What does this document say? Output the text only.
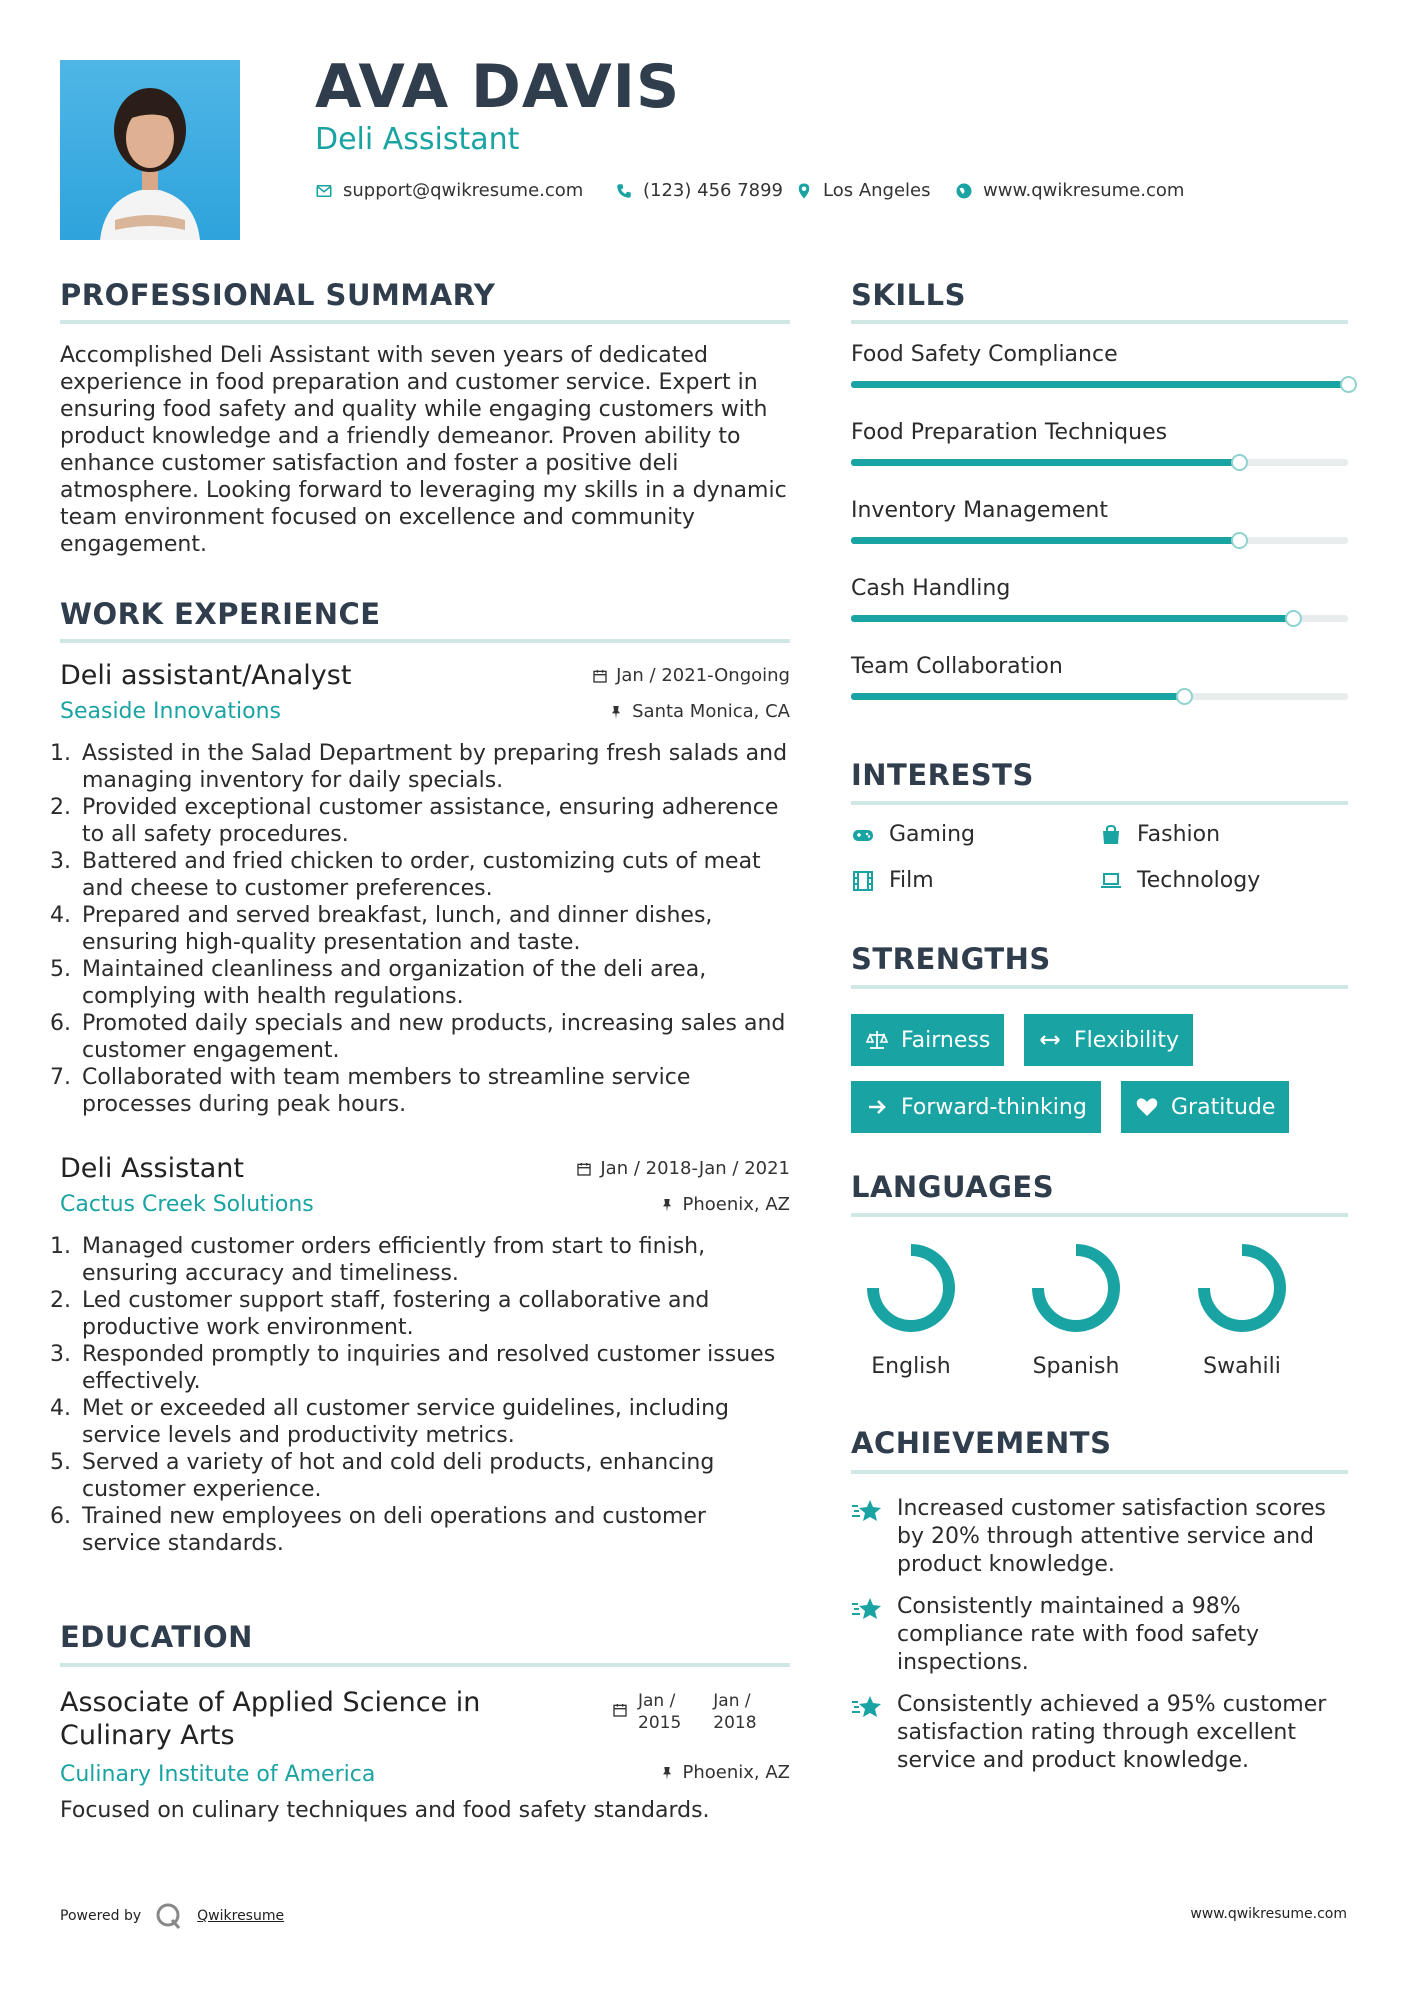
AVA DAVIS
Deli Assistant
support@qwikresume.com	(123) 456 7899 Los Angeles	www.qwikresume.com
PROFESSIONAL SUMMARY
Accomplished Deli Assistant with seven years of dedicated experience in food preparation and customer service. Expert in ensuring food safety and quality while engaging customers with product knowledge and a friendly demeanor. Proven ability to enhance customer satisfaction and foster a positive deli atmosphere. Looking forward to leveraging my skills in a dynamic team environment focused on excellence and community engagement.
WORK EXPERIENCE
Deli assistant/Analyst	Jan / 2021-Ongoing
Seaside Innovations	Santa Monica, CA
1. Assisted in the Salad Department by preparing fresh salads and managing inventory for daily specials.
2. Provided exceptional customer assistance, ensuring adherence to all safety procedures.
3. Battered and fried chicken to order, customizing cuts of meat and cheese to customer preferences.
4. Prepared and served breakfast, lunch, and dinner dishes, ensuring high-quality presentation and taste.
5. Maintained cleanliness and organization of the deli area, complying with health regulations.
6. Promoted daily specials and new products, increasing sales and customer engagement.
7. Collaborated with team members to streamline service processes during peak hours.
Deli Assistant	Jan / 2018-Jan / 2021
Cactus Creek Solutions	Phoenix, AZ
1. Managed customer orders efficiently from start to finish, ensuring accuracy and timeliness.
2. Led customer support staff, fostering a collaborative and productive work environment.
3. Responded promptly to inquiries and resolved customer issues effectively.
4. Met or exceeded all customer service guidelines, including service levels and productivity metrics.
5. Served a variety of hot and cold deli products, enhancing customer experience.
6. Trained new employees on deli operations and customer service standards.
EDUCATION
Associate of Applied Science in
Culinary Arts
Jan /
2015
Jan /
2018
Culinary Institute of America	Phoenix, AZ
Focused on culinary techniques and food safety standards.
SKILLS
Food Safety Compliance
Food Preparation Techniques
Inventory Management
Cash Handling
Team Collaboration
INTERESTS
Gaming	Fashion
Film	Technology
STRENGTHS
Fairness	Flexibility
Forward-thinking	Gratitude
LANGUAGES
English	Spanish	Swahili
ACHIEVEMENTS
Increased customer satisfaction scores by 20% through attentive service and product knowledge.
Consistently maintained a 98% compliance rate with food safety inspections.
Consistently achieved a 95% customer satisfaction rating through excellent service and product knowledge.
Powered by	Qwikresume	www.qwikresume.com
